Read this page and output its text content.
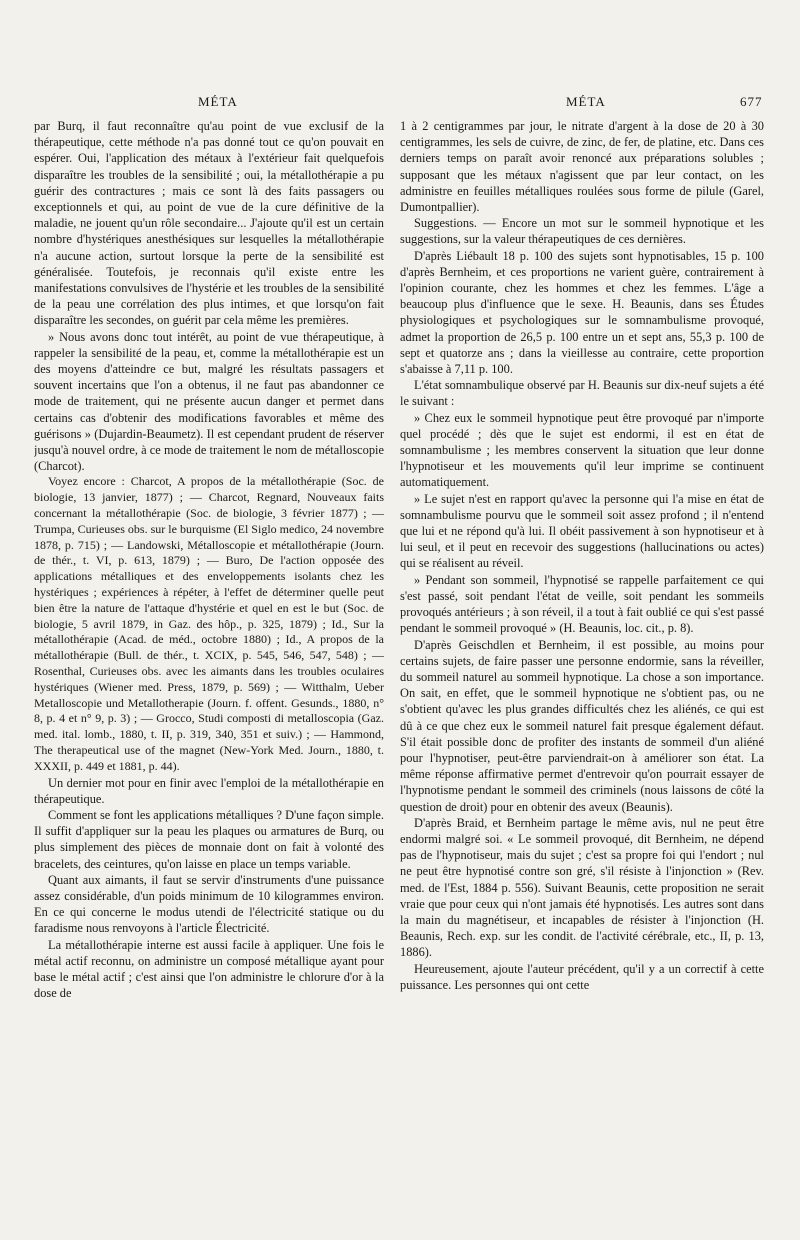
MÉTA	MÉTA	677

par Burq, il faut reconnaître qu'au point de vue exclusif de la thérapeutique, cette méthode n'a pas donné tout ce qu'on pouvait en espérer. Oui, l'application des métaux à l'extérieur fait quelquefois disparaître les troubles de la sensibilité ; oui, la métallothérapie a pu guérir des contractures ; mais ce sont là des faits passagers ou exceptionnels et qui, au point de vue de la cure définitive de la maladie, ne jouent qu'un rôle secondaire... J'ajoute qu'il est un certain nombre d'hystériques anesthésiques sur lesquelles la métallothérapie n'a aucune action, surtout lorsque la perte de la sensibilité est généralisée. Toutefois, je reconnais qu'il existe entre les manifestations convulsives de l'hystérie et les troubles de la sensibilité de la peau une corrélation des plus intimes, et que lorsqu'on fait disparaître les secondes, on guérit par cela même les premières.

» Nous avons donc tout intérêt, au point de vue thérapeutique, à rappeler la sensibilité de la peau, et, comme la métallothérapie est un des moyens d'atteindre ce but, malgré les résultats passagers et souvent incertains que l'on a obtenus, il ne faut pas abandonner ce mode de traitement, qui ne présente aucun danger et permet dans certains cas d'obtenir des modifications favorables et même des guérisons » (Dujardin-Beaumetz). Il est cependant prudent de réserver jusqu'à nouvel ordre, à ce mode de traitement le nom de métalloscopie (Charcot).

Voyez encore : Charcot, A propos de la métallothérapie (Soc. de biologie, 13 janvier, 1877) ; — Charcot, Regnard, Nouveaux faits concernant la métallothérapie (Soc. de biologie, 3 février 1877) ; — Trumpa, Curieuses obs. sur le burquisme (El Siglo medico, 24 novembre 1878, p. 715) ; — Landowski, Métalloscopie et métallothérapie (Journ. de thér., t. VI, p. 613, 1879) ; — Buro, De l'action opposée des applications métalliques et des enveloppements isolants chez les hystériques ; expériences à répéter, à l'effet de déterminer quelle peut bien être la nature de l'attaque d'hystérie et quel en est le but (Soc. de biologie, 5 avril 1879, in Gaz. des hôp., p. 325, 1879) ; Id., Sur la métallothérapie (Acad. de méd., octobre 1880) ; Id., A propos de la métallothérapie (Bull. de thér., t. XCIX, p. 545, 546, 547, 548) ; — Rosenthal, Curieuses obs. avec les aimants dans les troubles oculaires hystériques (Wiener med. Press, 1879, p. 569) ; — Witthalm, Ueber Metalloscopie und Metallotherapie (Journ. f. offent. Gesunds., 1880, n° 8, p. 4 et n° 9, p. 3) ; — Grocco, Studi composti di metalloscopia (Gaz. med. ital. lomb., 1880, t. II, p. 319, 340, 351 et suiv.) ; — Hammond, The therapeutical use of the magnet (New-York Med. Journ., 1880, t. XXXII, p. 449 et 1881, p. 44).

Un dernier mot pour en finir avec l'emploi de la métallothérapie en thérapeutique.

Comment se font les applications métalliques ? D'une façon simple. Il suffit d'appliquer sur la peau les plaques ou armatures de Burq, ou plus simplement des pièces de monnaie dont on fait à volonté des bracelets, des ceintures, qu'on laisse en place un temps variable.

Quant aux aimants, il faut se servir d'instruments d'une puissance assez considérable, d'un poids minimum de 10 kilogrammes environ. En ce qui concerne le modus utendi de l'électricité statique ou du faradisme nous renvoyons à l'article Électricité.

La métallothérapie interne est aussi facile à appliquer. Une fois le métal actif reconnu, on administre un composé métallique ayant pour base le métal actif ; c'est ainsi que l'on administre le chlorure d'or à la dose de

1 à 2 centigrammes par jour, le nitrate d'argent à la dose de 20 à 30 centigrammes, les sels de cuivre, de zinc, de fer, de platine, etc. Dans ces derniers temps on paraît avoir renoncé aux préparations solubles ; supposant que les métaux n'agissent que par leur contact, on les administre en feuilles métalliques roulées sous forme de pilule (Garel, Dumontpallier).

Suggestions. — Encore un mot sur le sommeil hypnotique et les suggestions, sur la valeur thérapeutiques de ces dernières.

D'après Liébault 18 p. 100 des sujets sont hypnotisables, 15 p. 100 d'après Bernheim, et ces proportions ne varient guère, contrairement à l'opinion courante, chez les hommes et chez les femmes. L'âge a beaucoup plus d'influence que le sexe. H. Beaunis, dans ses Études physiologiques et psychologiques sur le somnambulisme provoqué, admet la proportion de 26,5 p. 100 entre un et sept ans, 55,3 p. 100 de sept et quatorze ans ; dans la vieillesse au contraire, cette proportion s'abaisse à 7,11 p. 100.

L'état somnambulique observé par H. Beaunis sur dix-neuf sujets a été le suivant :

» Chez eux le sommeil hypnotique peut être provoqué par n'importe quel procédé ; dès que le sujet est endormi, il est en état de somnambulisme ; les membres conservent la situation que leur donne l'hypnotiseur et les mouvements qu'il leur imprime se continuent automatiquement.

» Le sujet n'est en rapport qu'avec la personne qui l'a mise en état de somnambulisme pourvu que le sommeil soit assez profond ; il n'entend que lui et ne répond qu'à lui. Il obéit passivement à son hypnotiseur et à lui seul, et il peut en recevoir des suggestions (hallucinations ou actes) qui se réalisent au réveil.

» Pendant son sommeil, l'hypnotisé se rappelle parfaitement ce qui s'est passé, soit pendant l'état de veille, soit pendant les sommeils provoqués antérieurs ; à son réveil, il a tout à fait oublié ce qui s'est passé pendant le sommeil provoqué » (H. Beaunis, loc. cit., p. 8).

D'après Geischdlen et Bernheim, il est possible, au moins pour certains sujets, de faire passer une personne endormie, sans la réveiller, du sommeil naturel au sommeil hypnotique. La chose a son importance. On sait, en effet, que le sommeil hypnotique ne s'obtient pas, ou ne s'obtient qu'avec les plus grandes difficultés chez les aliénés, ce qui est dû à ce que chez eux le sommeil naturel fait presque également défaut. S'il était possible donc de profiter des instants de sommeil d'un aliéné pour l'hypnotiser, peut-être parviendrait-on à améliorer son état. La même réponse affirmative permet d'entrevoir qu'on pourrait essayer de l'hypnotisme pendant le sommeil des criminels (nous laissons de côté la question de droit) pour en obtenir des aveux (Beaunis).

D'après Braid, et Bernheim partage le même avis, nul ne peut être endormi malgré soi. « Le sommeil provoqué, dit Bernheim, ne dépend pas de l'hypnotiseur, mais du sujet ; c'est sa propre foi qui l'endort ; nul ne peut être hypnotisé contre son gré, s'il résiste à l'injonction » (Rev. med. de l'Est, 1884 p. 556). Suivant Beaunis, cette proposition ne serait vraie que pour ceux qui n'ont jamais été hypnotisés. Les autres sont dans la main du magnétiseur, et incapables de résister à l'injonction (H. Beaunis, Rech. exp. sur les condit. de l'activité cérébrale, etc., II, p. 13, 1886).

Heureusement, ajoute l'auteur précédent, qu'il y a un correctif à cette puissance. Les personnes qui ont cette
